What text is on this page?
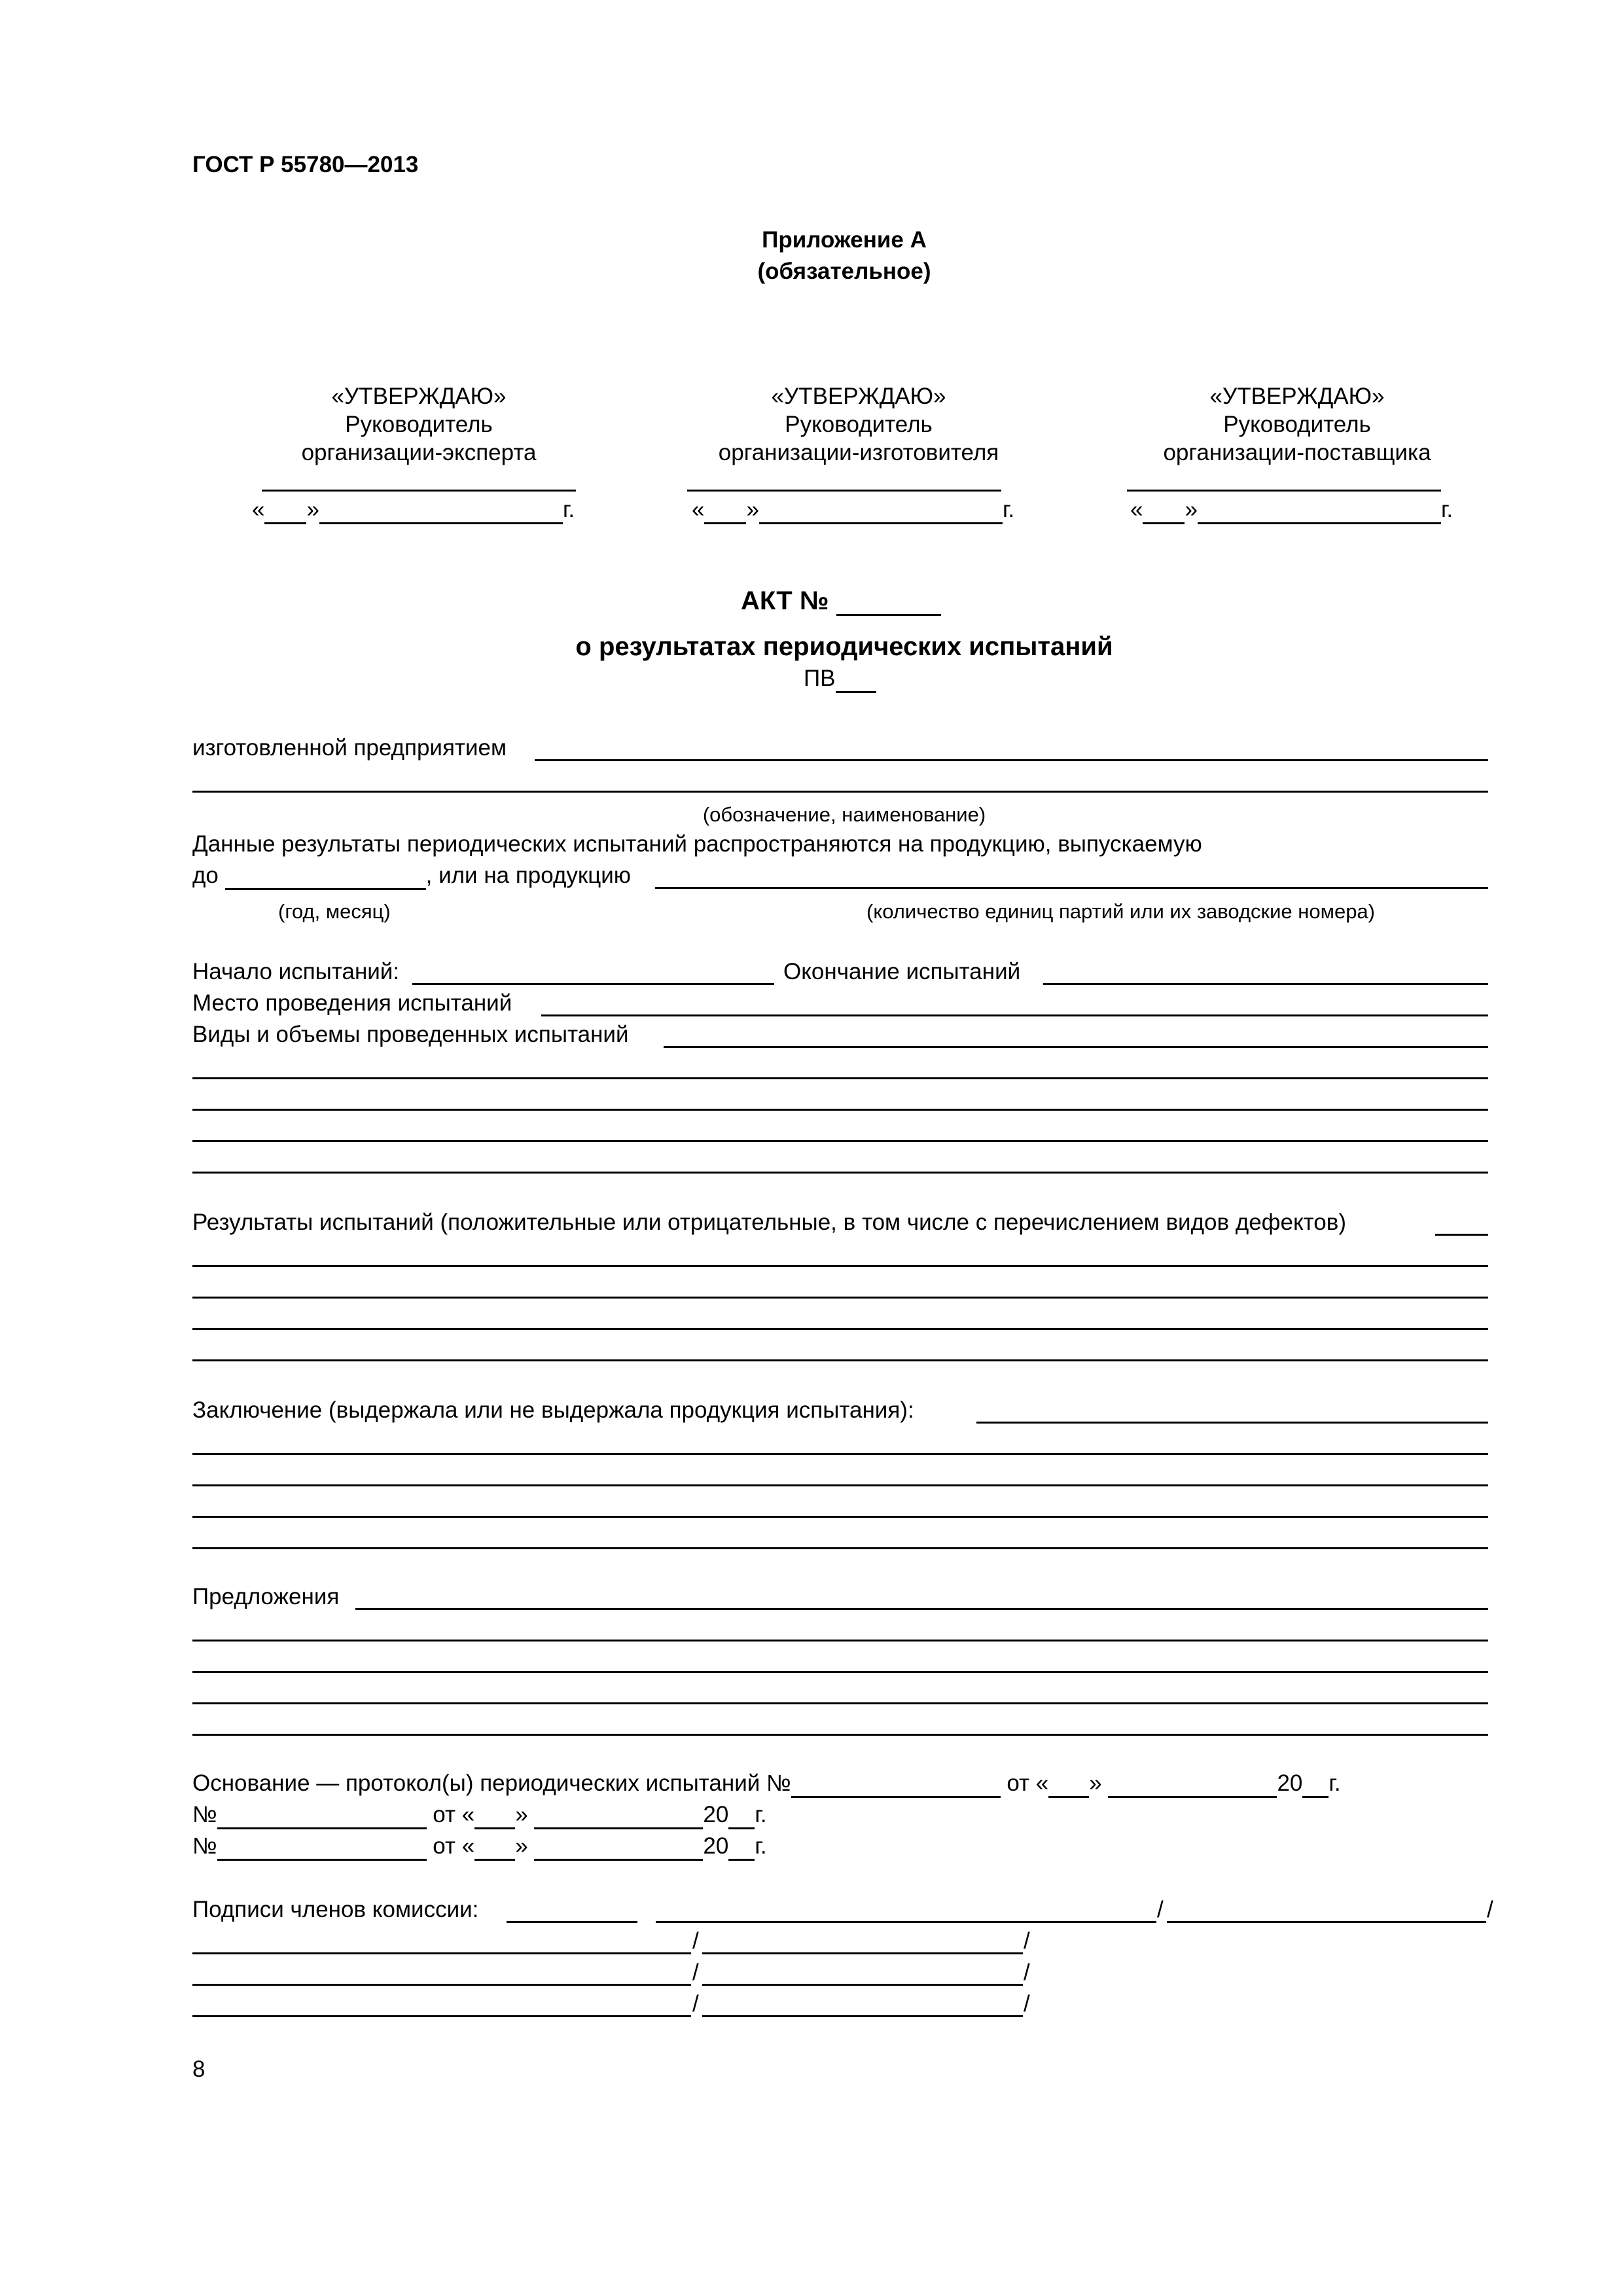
ГОСТ Р 55780—2013
Приложение А
(обязательное)
«УТВЕРЖДАЮ»
Руководитель
организации-эксперта
« »	г.
«УТВЕРЖДАЮ»
Руководитель
организации-изготовителя
« »	г.
«УТВЕРЖДАЮ»
Руководитель
организации-поставщика
« »	г.
АКТ №
о результатах периодических испытаний
ПВ
изготовленной предприятием
(обозначение, наименование)
Данные результаты периодических испытаний распространяются на продукцию, выпускаемую
до	, или на продукцию
(год, месяц)	(количество единиц партий или их заводские номера)
Начало испытаний:	Окончание испытаний
Место проведения испытаний
Виды и объемы проведенных испытаний
Результаты испытаний (положительные или отрицательные, в том числе с перечислением видов дефектов)
Заключение (выдержала или не выдержала продукция испытания):
Предложения
Основание — протокол(ы) периодических испытаний №	от « »	20 г.
№	от « »	20 г.
№	от « »	20 г.
Подписи членов комиссии:	/	/
/	/
/	/
/	/
8
